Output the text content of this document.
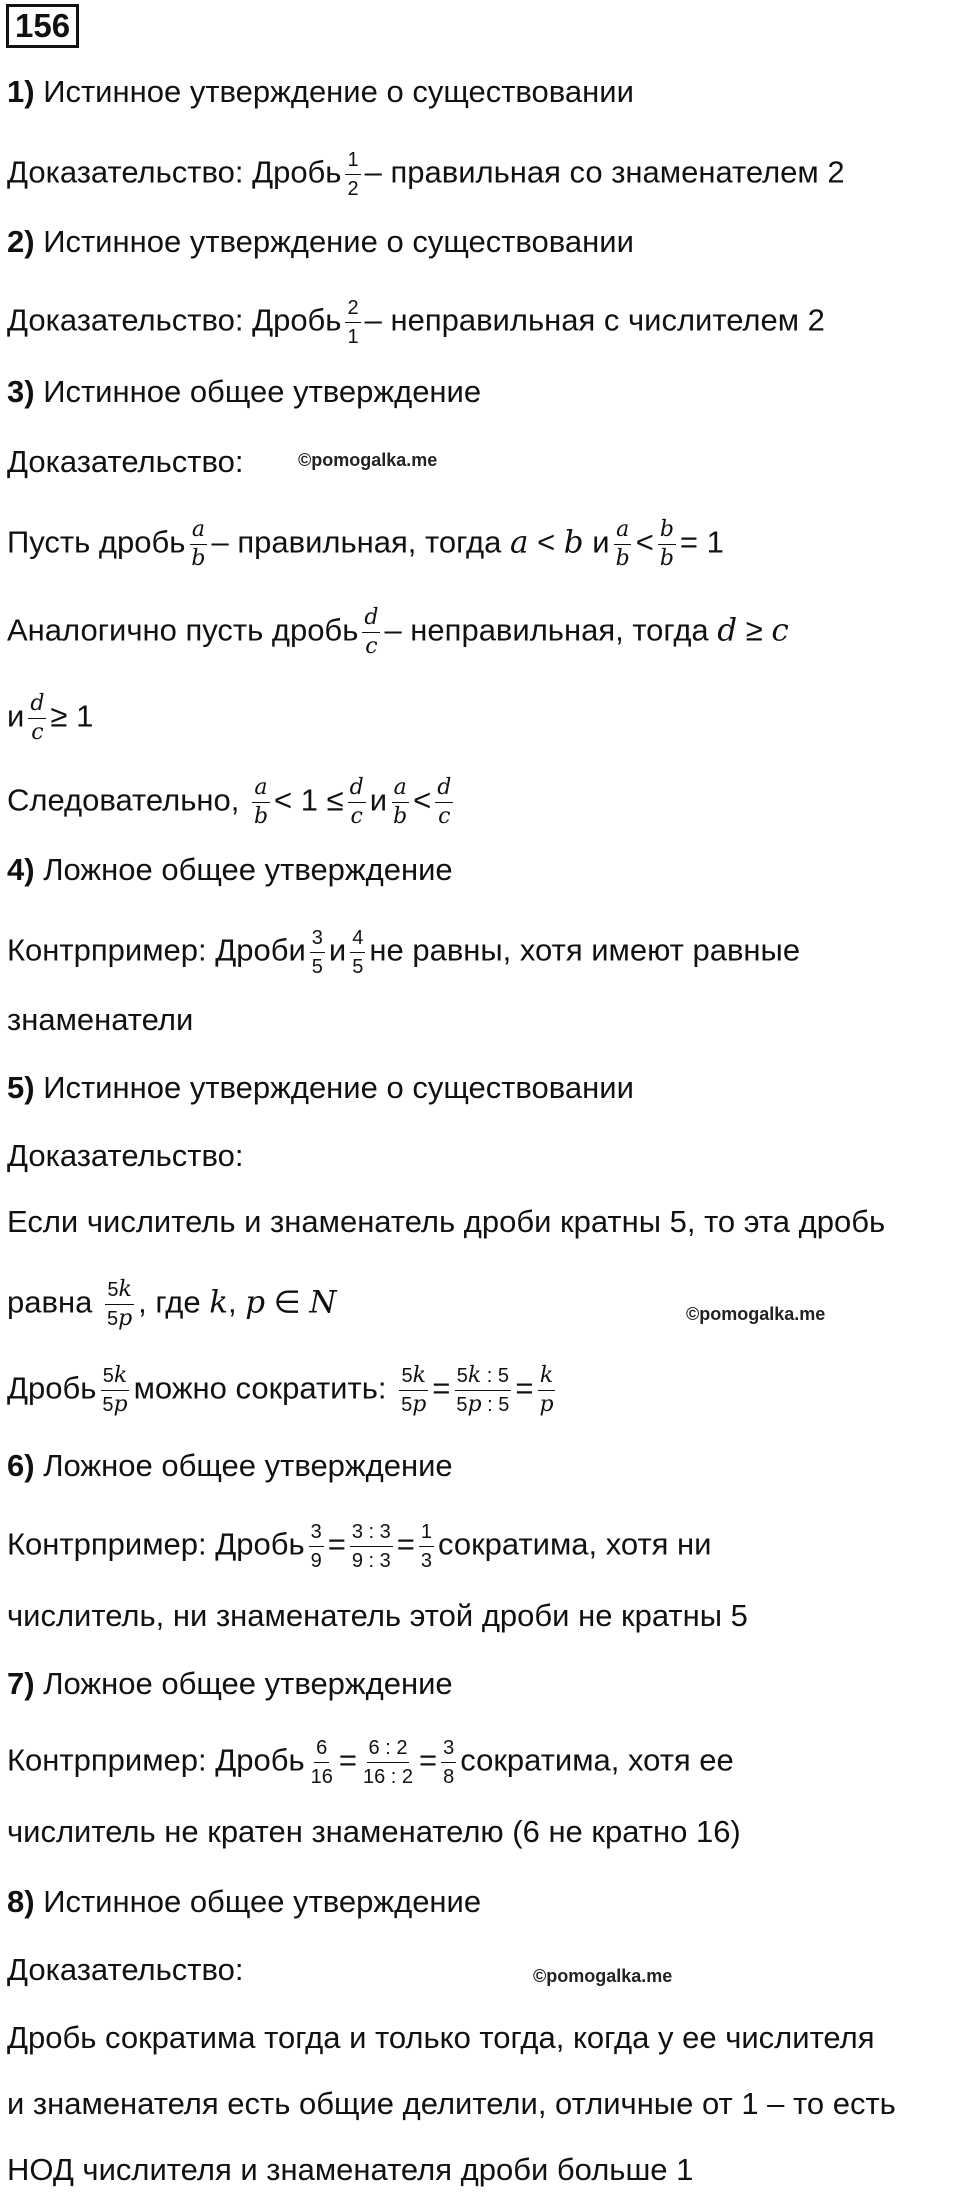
156
1) Истинное утверждение о существовании
Доказательство: Дробь $\frac{1}{2}$ – правильная со знаменателем 2
2) Истинное утверждение о существовании
Доказательство: Дробь $\frac{2}{1}$ – неправильная с числителем 2
3) Истинное общее утверждение
Доказательство:	©pomogalka.me
Пусть дробь $\frac{a}{b}$ – правильная, тогда a < b и $\frac{a}{b} < \frac{b}{b} = 1$
Аналогично пусть дробь $\frac{d}{c}$ – неправильная, тогда d ≥ c
и $\frac{d}{c} \ge 1$
Следовательно, $\frac{a}{b} < 1 \le \frac{d}{c}$ и $\frac{a}{b} < \frac{d}{c}$
4) Ложное общее утверждение
Контрпример: Дроби $\frac{3}{5}$ и $\frac{4}{5}$ не равны, хотя имеют равные
знаменатели
5) Истинное утверждение о существовании
Доказательство:
Если числитель и знаменатель дроби кратны 5, то эта дробь
равна $\frac{5k}{5p}$ , где k, p ∈ N	©pomogalka.me
Дробь $\frac{5k}{5p}$ можно сократить: $\frac{5k}{5p} = \frac{5k : 5}{5p : 5} = \frac{k}{p}$
6) Ложное общее утверждение
Контрпример: Дробь $\frac{3}{9} = \frac{3 : 3}{9 : 3} = \frac{1}{3}$ сократима, хотя ни
числитель, ни знаменатель этой дроби не кратны 5
7) Ложное общее утверждение
Контрпример: Дробь $\frac{6}{16} = \frac{6 : 2}{16 : 2} = \frac{3}{8}$ сократима, хотя ее
числитель не кратен знаменателю (6 не кратно 16)
8) Истинное общее утверждение
Доказательство:	©pomogalka.me
Дробь сократима тогда и только тогда, когда у ее числителя
и знаменателя есть общие делители, отличные от 1 – то есть
НОД числителя и знаменателя дроби больше 1
